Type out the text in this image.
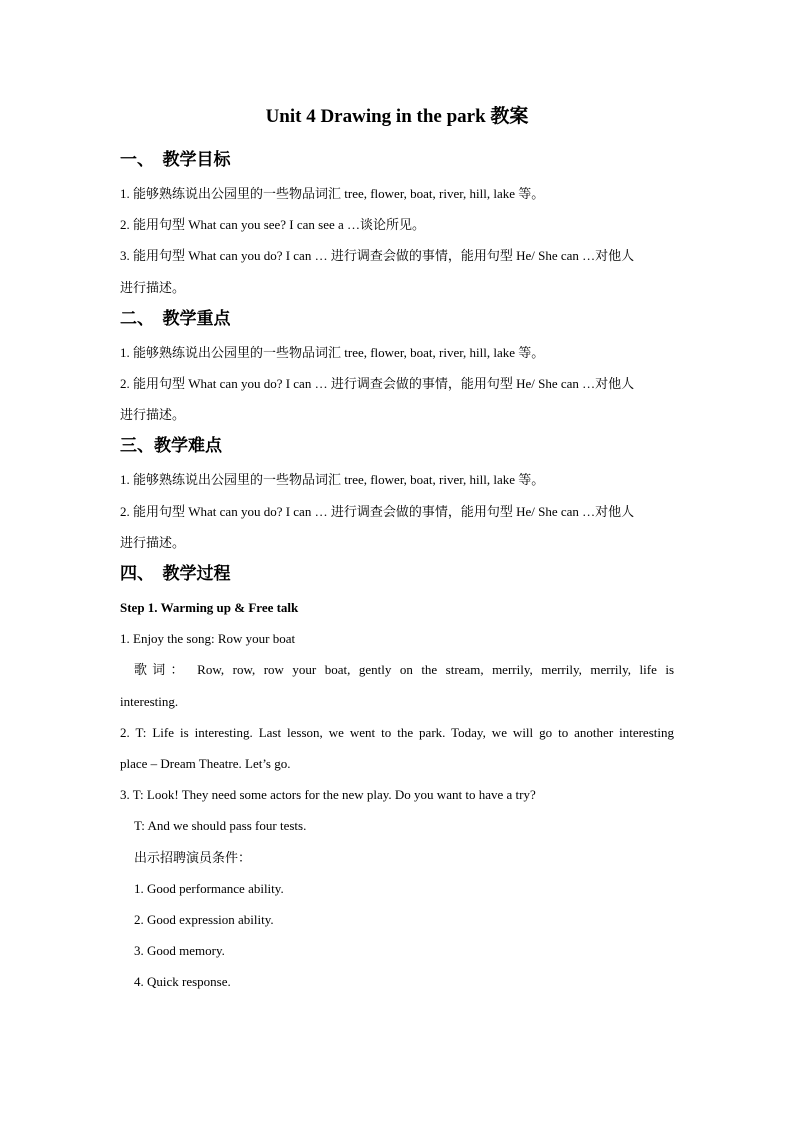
Unit 4 Drawing in the park 教案
一、  教学目标

1. 能够熟练说出公园里的一些物品词汇 tree, flower, boat, river, hill, lake 等。

2. 能用句型 What can you see? I can see a …谈论所见。

3. 能用句型 What can you do? I can … 进行调查会做的事情，能用句型 He/ She can …对他人

进行描述。

二、  教学重点

1. 能够熟练说出公园里的一些物品词汇 tree, flower, boat, river, hill, lake 等。

2. 能用句型 What can you do? I can … 进行调查会做的事情，能用句型 He/ She can …对他人

进行描述。

三、教学难点

1. 能够熟练说出公园里的一些物品词汇 tree, flower, boat, river, hill, lake 等。

2. 能用句型 What can you do? I can … 进行调查会做的事情，能用句型 He/ She can …对他人

进行描述。

四、  教学过程

Step 1. Warming up & Free talk

1. Enjoy the song: Row your boat

歌词： Row, row, row your boat, gently on the stream, merrily, merrily, merrily, life is

interesting.

2. T: Life is interesting. Last lesson, we went to the park. Today, we will go to another interesting

place – Dream Theatre. Let’s go.

3. T: Look! They need some actors for the new play. Do you want to have a try?

T: And we should pass four tests.

出示招聘演员条件：

1. Good performance ability.

2. Good expression ability.

3. Good memory.

4. Quick response.
